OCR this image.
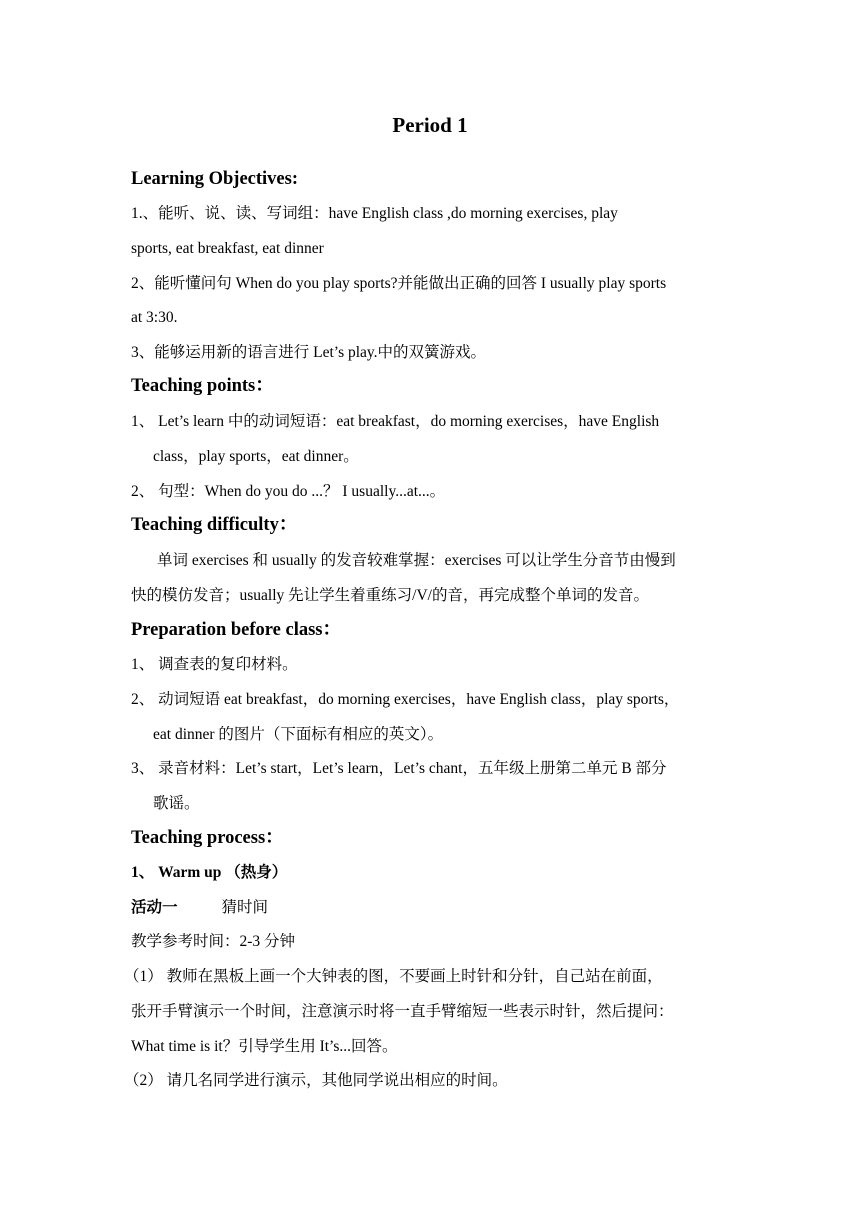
Period 1
Learning Objectives:
1.、能听、说、读、写词组：have English class ,do morning exercises, play
sports, eat breakfast, eat dinner
2、能听懂问句 When do you play sports?并能做出正确的回答 I usually play sports
at 3:30.
3、能够运用新的语言进行 Let’s play.中的双簧游戏。
Teaching points：
1、 Let’s learn 中的动词短语：eat breakfast，do morning exercises，have English
class，play sports，eat dinner。
2、 句型：When do you do ...？ I usually...at...。
Teaching difficulty：
单词 exercises 和 usually 的发音较难掌握：exercises 可以让学生分音节由慢到
快的模仿发音；usually 先让学生着重练习/V/的音，再完成整个单词的发音。
Preparation before class：
1、 调查表的复印材料。
2、 动词短语 eat breakfast，do morning exercises，have English class，play sports，
eat dinner 的图片（下面标有相应的英文）。
3、 录音材料：Let’s start，Let’s learn，Let’s chant，五年级上册第二单元 B 部分
歌谣。
Teaching process：
1、 Warm up （热身）
活动一	猜时间
教学参考时间：2-3 分钟
（1） 教师在黑板上画一个大钟表的图，不要画上时针和分针，自己站在前面，
张开手臂演示一个时间，注意演示时将一直手臂缩短一些表示时针，然后提问：
What time is it？引导学生用 It’s...回答。
（2） 请几名同学进行演示，其他同学说出相应的时间。
